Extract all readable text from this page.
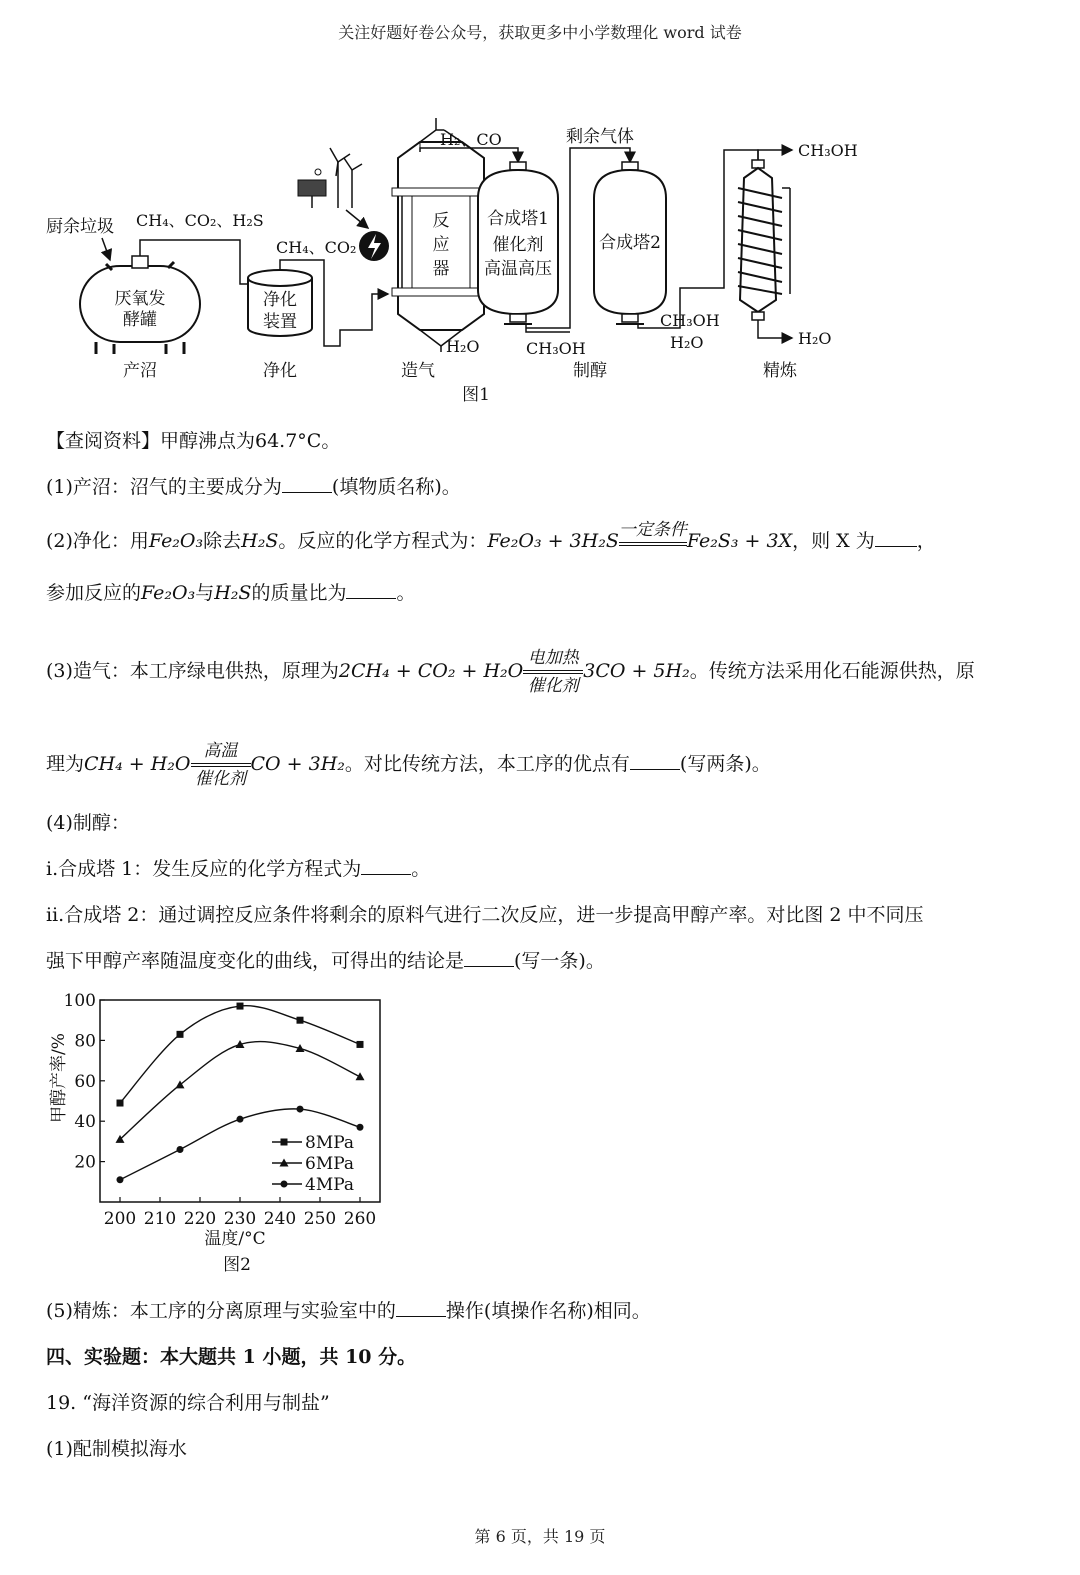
关注好题好卷公众号，获取更多中小学数理化 word 试卷
厨余垃圾
厌氧发
酵罐
CH₄、CO₂、H₂S
净化
装置
CH₄、CO₂
反
应
器
H₂、CO
H₂O
合成塔1
催化剂
高温高压
CH₃OH
剩余气体
合成塔2
CH₃OH
H₂O
CH₃OH
H₂O
产沼	净化	造气	制醇	精炼
图1
【查阅资料】甲醇沸点为64.7°C。
(1)产沼：沼气的主要成分为	(填物质名称)。
(2)净化：用Fe₂O₃除去H₂S。反应的化学方程式为：Fe₂O₃ + 3H₂S 一定条件 Fe₂S₃ + 3X，则 X 为 ，
参加反应的Fe₂O₃与H₂S的质量比为	。
(3)造气：本工序绿电供热，原理为2CH₄ + CO₂ + H₂O
电加热
催化剂
3CO + 5H₂。传统方法采用化石能源供热，原
理为CH₄ + H₂O
高温
催化剂
CO + 3H₂。对比传统方法，本工序的优点有	(写两条)。
(4)制醇：
ⅰ.合成塔 1：发生反应的化学方程式为	。
ⅱ.合成塔 2：通过调控反应条件将剩余的原料气进行二次反应，进一步提高甲醇产率。对比图 2 中不同压
强下甲醇产率随温度变化的曲线，可得出的结论是	(写一条)。
200 210 220 230 240 250 260
20
40
60
80
100
8MPa
6MPa
4MPa
甲醇产率/%
温度/°C
图2
(5)精炼：本工序的分离原理与实验室中的	操作(填操作名称)相同。
四、实验题：本大题共 1 小题，共 10 分。
19. “海洋资源的综合利用与制盐”
(1)配制模拟海水
第 6 页，共 19 页
